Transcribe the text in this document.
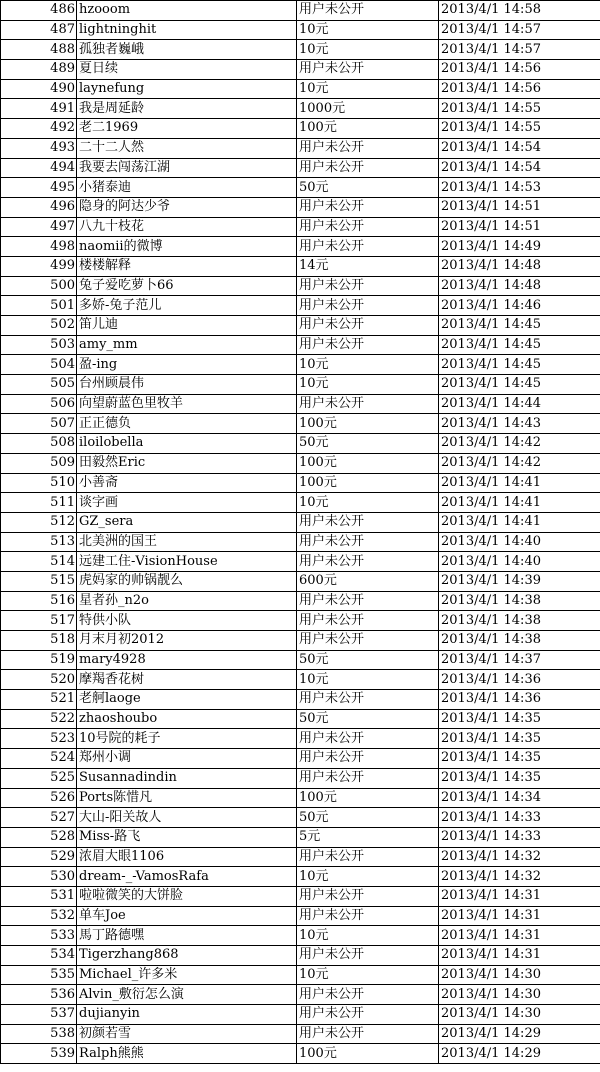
486	hzooom	用户未公开	2013/4/1 14:58
487	lightninghit	10元	2013/4/1 14:57
488	孤独者巍峨	10元	2013/4/1 14:57
489	夏日续	用户未公开	2013/4/1 14:56
490	laynefung	10元	2013/4/1 14:56
491	我是周延龄	1000元	2013/4/1 14:55
492	老二1969	100元	2013/4/1 14:55
493	二十二人然	用户未公开	2013/4/1 14:54
494	我要去闯荡江湖	用户未公开	2013/4/1 14:54
495	小猪泰迪	50元	2013/4/1 14:53
496	隐身的阿达少爷	用户未公开	2013/4/1 14:51
497	八九十枝花	用户未公开	2013/4/1 14:51
498	naomii的微博	用户未公开	2013/4/1 14:49
499	楼楼解释	14元	2013/4/1 14:48
500	兔子爱吃萝卜66	用户未公开	2013/4/1 14:48
501	多娇-兔子范儿	用户未公开	2013/4/1 14:46
502	笛儿迪	用户未公开	2013/4/1 14:45
503	amy_mm	用户未公开	2013/4/1 14:45
504	盈-ing	10元	2013/4/1 14:45
505	台州顾晨伟	10元	2013/4/1 14:45
506	向望蔚蓝色里牧羊	用户未公开	2013/4/1 14:44
507	正正德负	100元	2013/4/1 14:43
508	iloilobella	50元	2013/4/1 14:42
509	田毅然Eric	100元	2013/4/1 14:42
510	小善斋	100元	2013/4/1 14:41
511	谈字画	10元	2013/4/1 14:41
512	GZ_sera	用户未公开	2013/4/1 14:41
513	北美洲的国王	用户未公开	2013/4/1 14:40
514	远建工住-VisionHouse	用户未公开	2013/4/1 14:40
515	虎妈家的帅锅靓么	600元	2013/4/1 14:39
516	星者孙_n2o	用户未公开	2013/4/1 14:38
517	特供小队	用户未公开	2013/4/1 14:38
518	月末月初2012	用户未公开	2013/4/1 14:38
519	mary4928	50元	2013/4/1 14:37
520	摩羯香花树	10元	2013/4/1 14:36
521	老舸laoge	用户未公开	2013/4/1 14:36
522	zhaoshoubo	50元	2013/4/1 14:35
523	10号院的耗子	用户未公开	2013/4/1 14:35
524	郑州小调	用户未公开	2013/4/1 14:35
525	Susannadindin	用户未公开	2013/4/1 14:35
526	Ports陈惜凡	100元	2013/4/1 14:34
527	大山-阳关故人	50元	2013/4/1 14:33
528	Miss-路飞	5元	2013/4/1 14:33
529	浓眉大眼1106	用户未公开	2013/4/1 14:32
530	dream-_-VamosRafa	10元	2013/4/1 14:32
531	啦啦微笑的大饼脸	用户未公开	2013/4/1 14:31
532	单车Joe	用户未公开	2013/4/1 14:31
533	馬丁路德嘿	10元	2013/4/1 14:31
534	Tigerzhang868	用户未公开	2013/4/1 14:31
535	Michael_许多米	10元	2013/4/1 14:30
536	Alvin_敷衍怎么演	用户未公开	2013/4/1 14:30
537	dujianyin	用户未公开	2013/4/1 14:30
538	初颜若雪	用户未公开	2013/4/1 14:29
539	Ralph熊熊	100元	2013/4/1 14:29
